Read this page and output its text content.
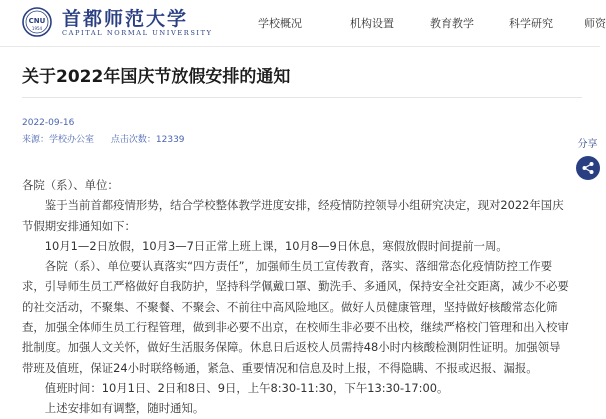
CNU
1954 首都师范大学
CAPITAL NORMAL UNIVERSITY
学校概况	机构设置	教育教学	科学研究	师资
关于2022年国庆节放假安排的通知
2022-09-16
来源：学校办公室 点击次数：12339

各院（系）、单位：

鉴于当前首都疫情形势，结合学校整体教学进度安排，经疫情防控领导小组研究决定，现对2022年国庆节假期安排通知如下：

10月1—2日放假，10月3—7日正常上班上课，10月8—9日休息，寒假放假时间提前一周。

各院（系）、单位要认真落实“四方责任”，加强师生员工宣传教育，落实、落细常态化疫情防控工作要求，引导师生员工严格做好自我防护，坚持科学佩戴口罩、勤洗手、多通风，保持安全社交距离，减少不必要的社交活动，不聚集、不聚餐、不聚会、不前往中高风险地区。做好人员健康管理，坚持做好核酸常态化筛查，加强全体师生员工行程管理，做到非必要不出京，在校师生非必要不出校，继续严格校门管理和出入校审批制度。加强人文关怀，做好生活服务保障。休息日后返校人员需持48小时内核酸检测阴性证明。加强领导带班及值班，保证24小时联络畅通，紧急、重要情况和信息及时上报，不得隐瞒、不报或迟报、漏报。

值班时间：10月1日、2日和8日、9日，上午8:30-11:30，下午13:30-17:00。

上述安排如有调整，随时通知。

分享
